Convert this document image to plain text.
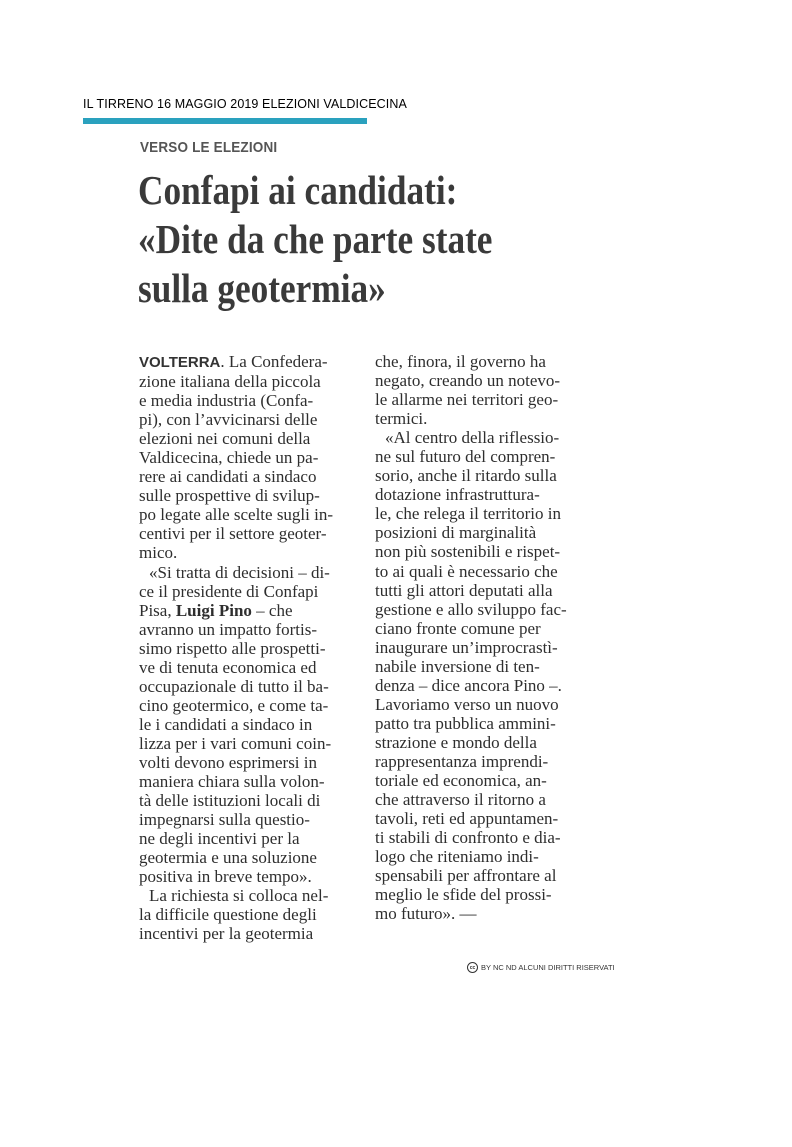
IL TIRRENO 16 MAGGIO 2019 ELEZIONI VALDICECINA
VERSO LE ELEZIONI
Confapi ai candidati:
«Dite da che parte state
sulla geotermia»
VOLTERRA. La Confedera-
zione italiana della piccola
e media industria (Confa-
pi), con l’avvicinarsi delle
elezioni nei comuni della
Valdicecina, chiede un pa-
rere ai candidati a sindaco
sulle prospettive di svilup-
po legate alle scelte sugli in-
centivi per il settore geoter-
mico.
«Si tratta di decisioni – di-
ce il presidente di Confapi
Pisa, Luigi Pino – che
avranno un impatto fortis-
simo rispetto alle prospetti-
ve di tenuta economica ed
occupazionale di tutto il ba-
cino geotermico, e come ta-
le i candidati a sindaco in
lizza per i vari comuni coin-
volti devono esprimersi in
maniera chiara sulla volon-
tà delle istituzioni locali di
impegnarsi sulla questio-
ne degli incentivi per la
geotermia e una soluzione
positiva in breve tempo».
La richiesta si colloca nel-
la difficile questione degli
incentivi per la geotermia
che, finora, il governo ha
negato, creando un notevo-
le allarme nei territori geo-
termici.
«Al centro della riflessio-
ne sul futuro del compren-
sorio, anche il ritardo sulla
dotazione infrastruttura-
le, che relega il territorio in
posizioni di marginalità
non più sostenibili e rispet-
to ai quali è necessario che
tutti gli attori deputati alla
gestione e allo sviluppo fac-
ciano fronte comune per
inaugurare un’improcrastì-
nabile inversione di ten-
denza – dice ancora Pino –.
Lavoriamo verso un nuovo
patto tra pubblica ammini-
strazione e mondo della
rappresentanza imprendi-
toriale ed economica, an-
che attraverso il ritorno a
tavoli, reti ed appuntamen-
ti stabili di confronto e dia-
logo che riteniamo indi-
spensabili per affrontare al
meglio le sfide del prossi-
mo futuro». —
cc BY NC ND ALCUNI DIRITTI RISERVATI
